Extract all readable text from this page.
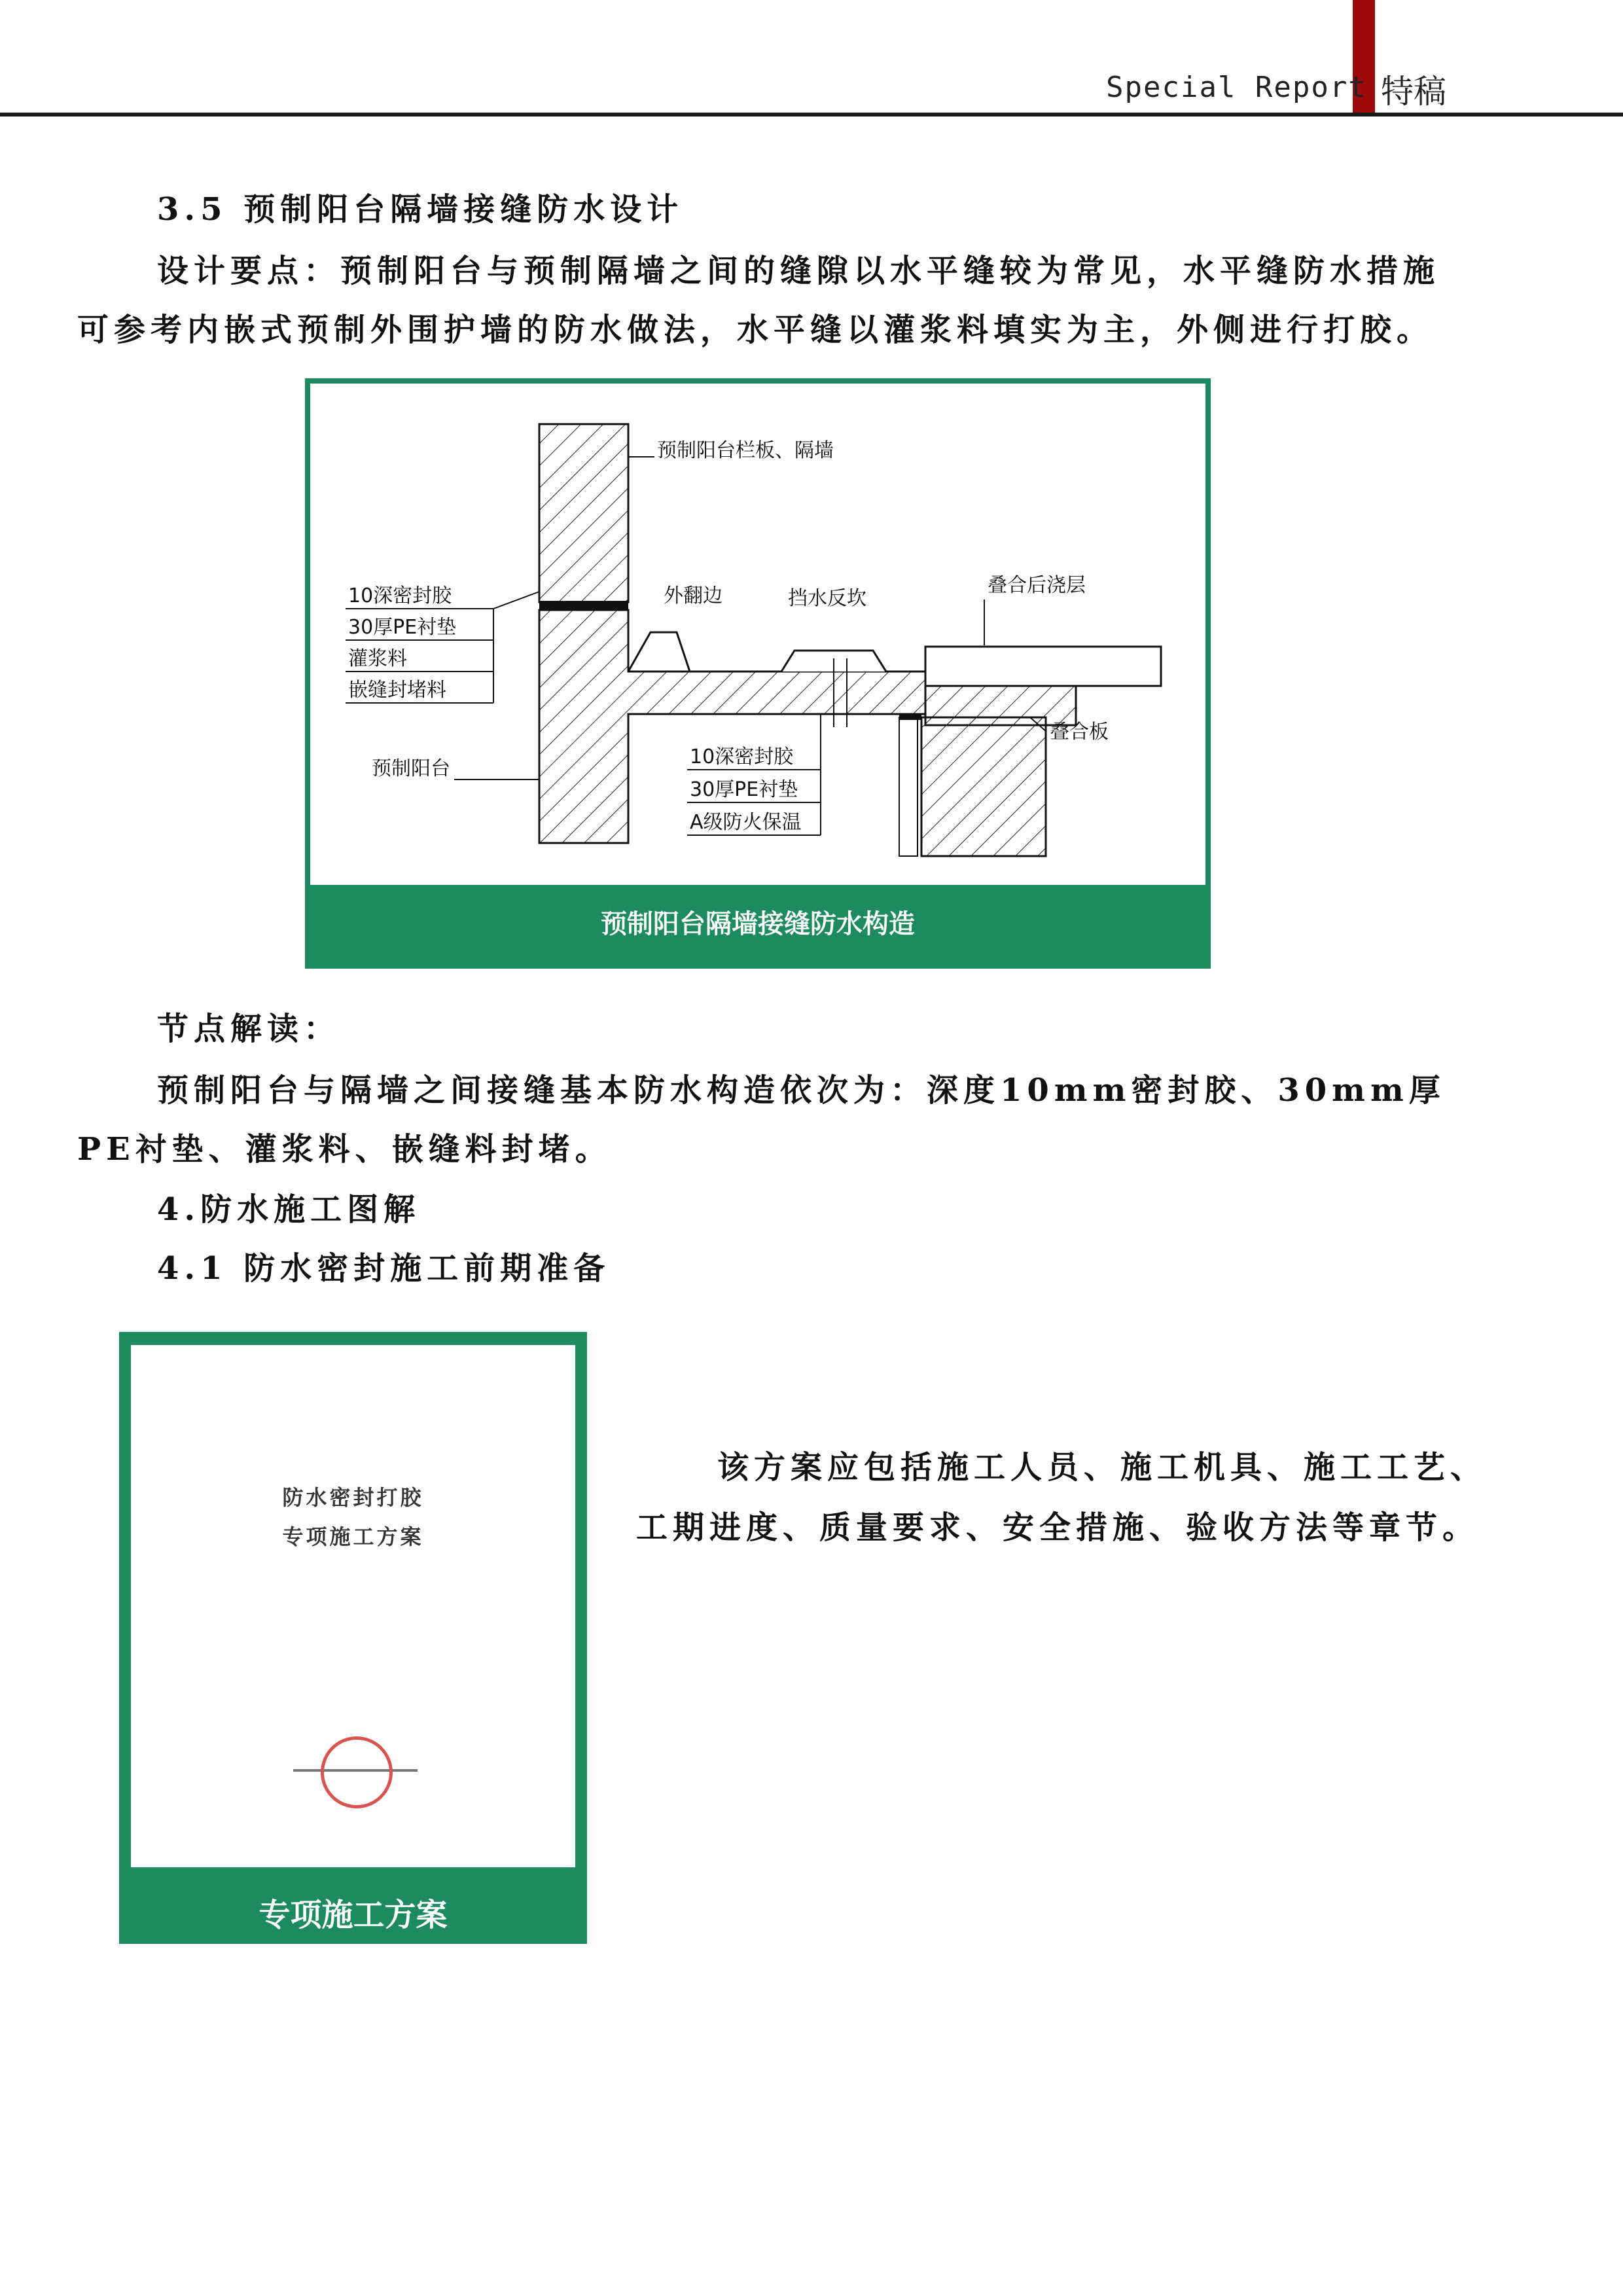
Special Report 特稿
3.5 预制阳台隔墙接缝防水设计
设计要点：预制阳台与预制隔墙之间的缝隙以水平缝较为常见，水平缝防水措施
可参考内嵌式预制外围护墙的防水做法，水平缝以灌浆料填实为主，外侧进行打胶。
预制阳台栏板、隔墙
外翻边	挡水反坎
叠合后浇层
叠合板
预制阳台
10深密封胶
30厚PE衬垫
灌浆料
嵌缝封堵料
10深密封胶
30厚PE衬垫
A级防火保温
预制阳台隔墙接缝防水构造
节点解读：
预制阳台与隔墙之间接缝基本防水构造依次为：深度10mm密封胶、30mm厚
PE衬垫、灌浆料、嵌缝料封堵。
4.防水施工图解
4.1 防水密封施工前期准备
防水密封打胶
专项施工方案
专项施工方案
该方案应包括施工人员、施工机具、施工工艺、
工期进度、质量要求、安全措施、验收方法等章节。
